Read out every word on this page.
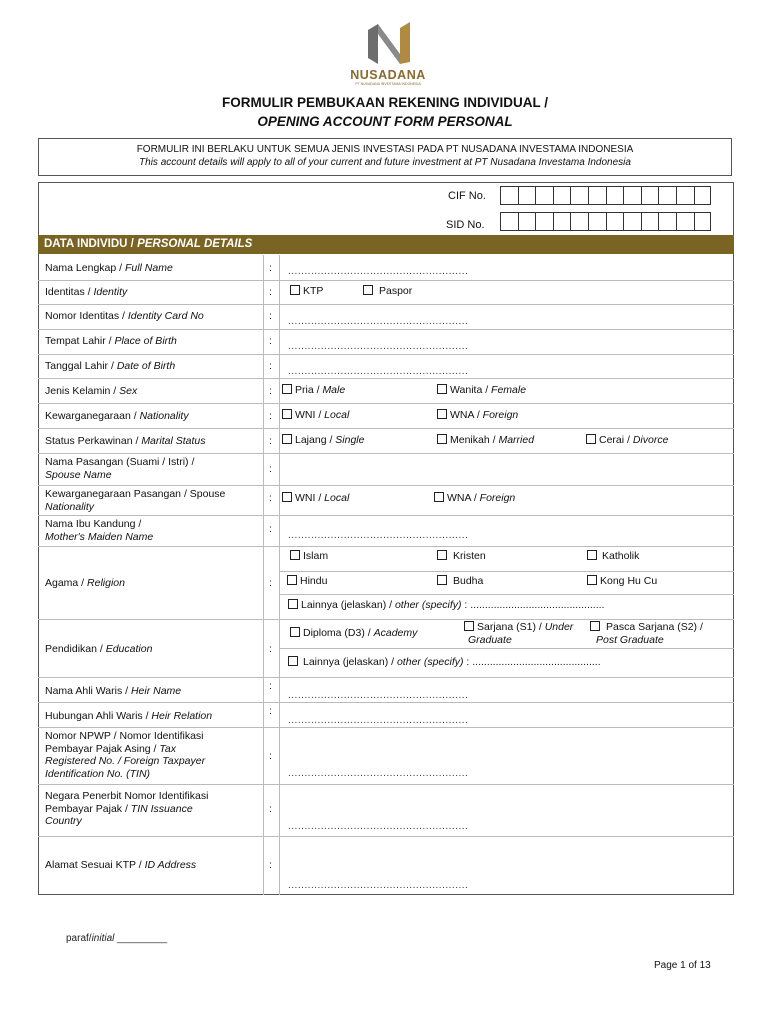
NUSADANA
PT NUSADANA INVESTAMA INDONESIA
FORMULIR PEMBUKAAN REKENING INDIVIDUAL /
OPENING ACCOUNT FORM PERSONAL
FORMULIR INI BERLAKU UNTUK SEMUA JENIS INVESTASI PADA PT NUSADANA INVESTAMA INDONESIA
This account details will apply to all of your current and future investment at PT Nusadana Investama Indonesia
CIF No.
SID No.
DATA INDIVIDU / PERSONAL DETAILS
Nama Lengkap / Full Name	: .......................................................
Identitas / Identity	:	KTP	Paspor
Nomor Identitas / Identity Card No	: .......................................................
Tempat Lahir / Place of Birth	: .......................................................
Tanggal Lahir / Date of Birth	: .......................................................
Jenis Kelamin / Sex	:	Pria / Male	Wanita / Female
Kewarganegaraan / Nationality	:	WNI / Local	WNA / Foreign
Status Perkawinan / Marital Status	:	Lajang / Single	Menikah / Married	Cerai / Divorce
Nama Pasangan (Suami / Istri) /
Spouse Name	:
Kewarganegaraan Pasangan / Spouse
Nationality
:	WNI / Local	WNA / Foreign
Nama Ibu Kandung /
Mother's Maiden Name
:
.......................................................
Agama / Religion	:
Islam	Kristen	Katholik
Hindu	Budha	Kong Hu Cu
Lainnya (jelaskan) / other (specify) : ..............................................
Pendidikan / Education	:
Diploma (D3) / Academy	Sarjana (S1) / Under
Graduate
Pasca Sarjana (S2) /
Post Graduate
Lainnya (jelaskan) / other (specify) : ............................................
Nama Ahli Waris / Heir Name	:
.......................................................
Hubungan Ahli Waris / Heir Relation	:
.......................................................
Nomor NPWP / Nomor Identifikasi
Pembayar Pajak Asing / Tax
Registered No. / Foreign Taxpayer
Identification No. (TIN)
:
.......................................................
Negara Penerbit Nomor Identifikasi
Pembayar Pajak / TIN Issuance
Country
:
.......................................................
Alamat Sesuai KTP / ID Address	:
.......................................................
paraf/initial _________
Page 1 of 13
